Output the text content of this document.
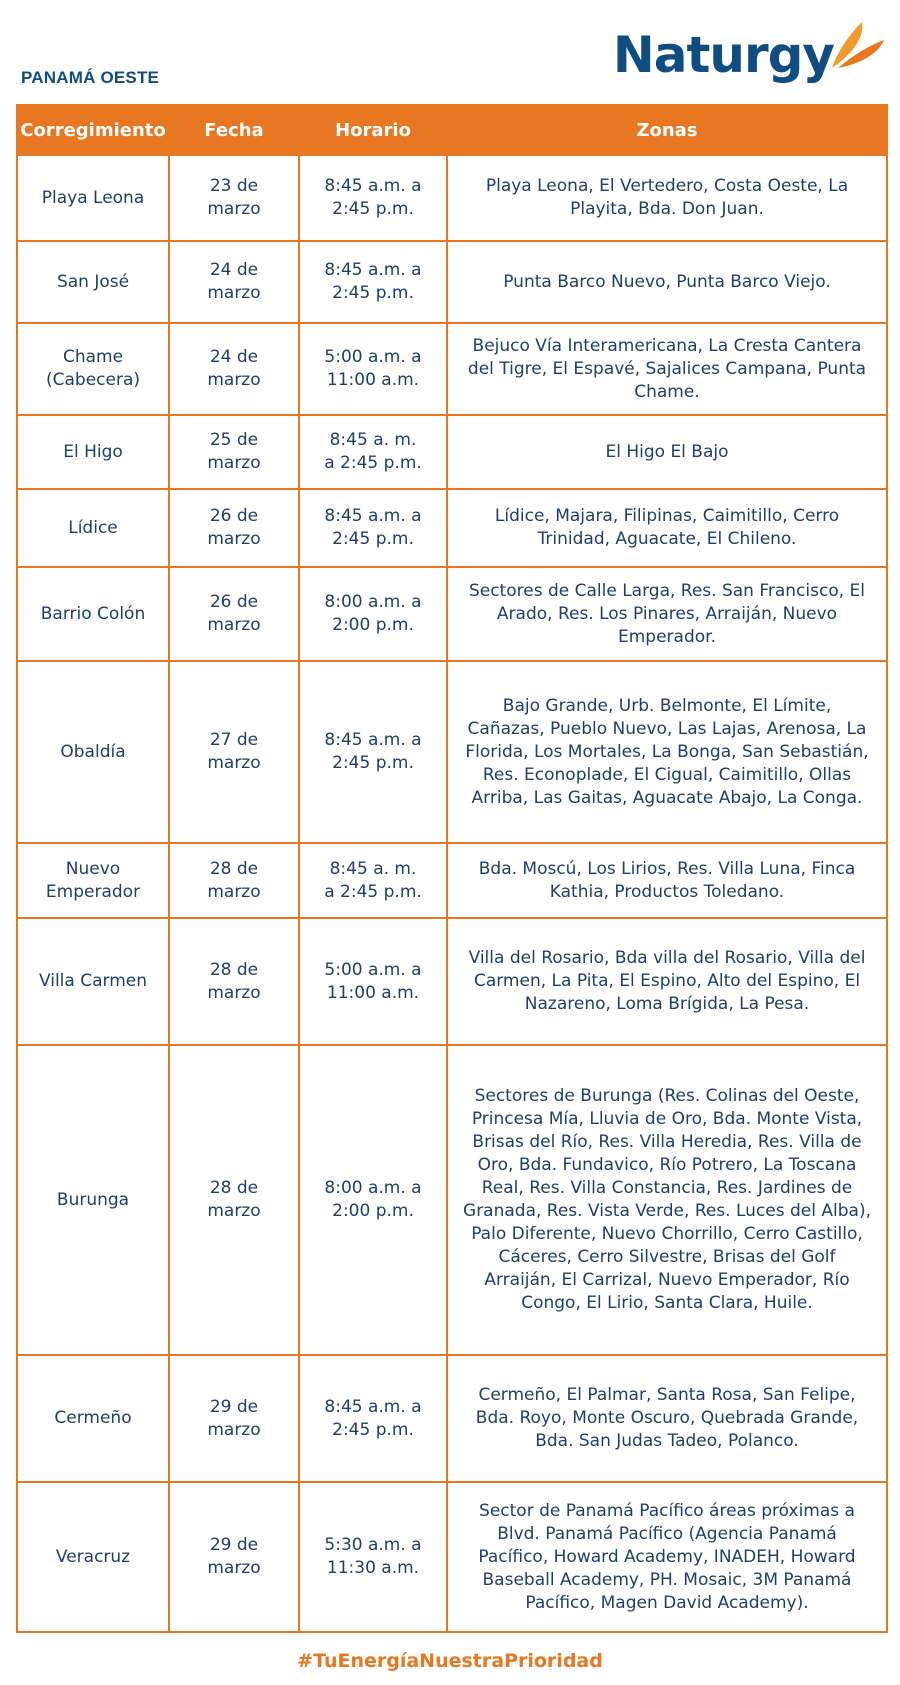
PANAMÁ OESTE	Naturgy
Corregimiento	Fecha	Horario	Zonas
Playa Leona	23 de marzo	8:45 a.m. a 2:45 p.m.	Playa Leona, El Vertedero, Costa Oeste, La Playita, Bda. Don Juan.
San José	24 de marzo	8:45 a.m. a 2:45 p.m.	Punta Barco Nuevo, Punta Barco Viejo.
Chame (Cabecera)	24 de marzo	5:00 a.m. a 11:00 a.m.	Bejuco Vía Interamericana, La Cresta Cantera del Tigre, El Espavé, Sajalices Campana, Punta Chame.
El Higo	25 de marzo	8:45 a. m. a 2:45 p.m.	El Higo El Bajo
Lídice	26 de marzo	8:45 a.m. a 2:45 p.m.	Lídice, Majara, Filipinas, Caimitillo, Cerro Trinidad, Aguacate, El Chileno.
Barrio Colón	26 de marzo	8:00 a.m. a 2:00 p.m.	Sectores de Calle Larga, Res. San Francisco, El Arado, Res. Los Pinares, Arraiján, Nuevo Emperador.
Obaldía	27 de marzo	8:45 a.m. a 2:45 p.m.	Bajo Grande, Urb. Belmonte, El Límite, Cañazas, Pueblo Nuevo, Las Lajas, Arenosa, La Florida, Los Mortales, La Bonga, San Sebastián, Res. Econoplade, El Cigual, Caimitillo, Ollas Arriba, Las Gaitas, Aguacate Abajo, La Conga.
Nuevo Emperador	28 de marzo	8:45 a. m. a 2:45 p.m.	Bda. Moscú, Los Lirios, Res. Villa Luna, Finca Kathia, Productos Toledano.
Villa Carmen	28 de marzo	5:00 a.m. a 11:00 a.m.	Villa del Rosario, Bda villa del Rosario, Villa del Carmen, La Pita, El Espino, Alto del Espino, El Nazareno, Loma Brígida, La Pesa.
Burunga	28 de marzo	8:00 a.m. a 2:00 p.m.	Sectores de Burunga (Res. Colinas del Oeste, Princesa Mía, Lluvia de Oro, Bda. Monte Vista, Brisas del Río, Res. Villa Heredia, Res. Villa de Oro, Bda. Fundavico, Río Potrero, La Toscana Real, Res. Villa Constancia, Res. Jardines de Granada, Res. Vista Verde, Res. Luces del Alba), Palo Diferente, Nuevo Chorrillo, Cerro Castillo, Cáceres, Cerro Silvestre, Brisas del Golf Arraiján, El Carrizal, Nuevo Emperador, Río Congo, El Lirio, Santa Clara, Huile.
Cermeño	29 de marzo	8:45 a.m. a 2:45 p.m.	Cermeño, El Palmar, Santa Rosa, San Felipe, Bda. Royo, Monte Oscuro, Quebrada Grande, Bda. San Judas Tadeo, Polanco.
Veracruz	29 de marzo	5:30 a.m. a 11:30 a.m.	Sector de Panamá Pacífico áreas próximas a Blvd. Panamá Pacífico (Agencia Panamá Pacífico, Howard Academy, INADEH, Howard Baseball Academy, PH. Mosaic, 3M Panamá Pacífico, Magen David Academy).
#TuEnergíaNuestraPrioridad
